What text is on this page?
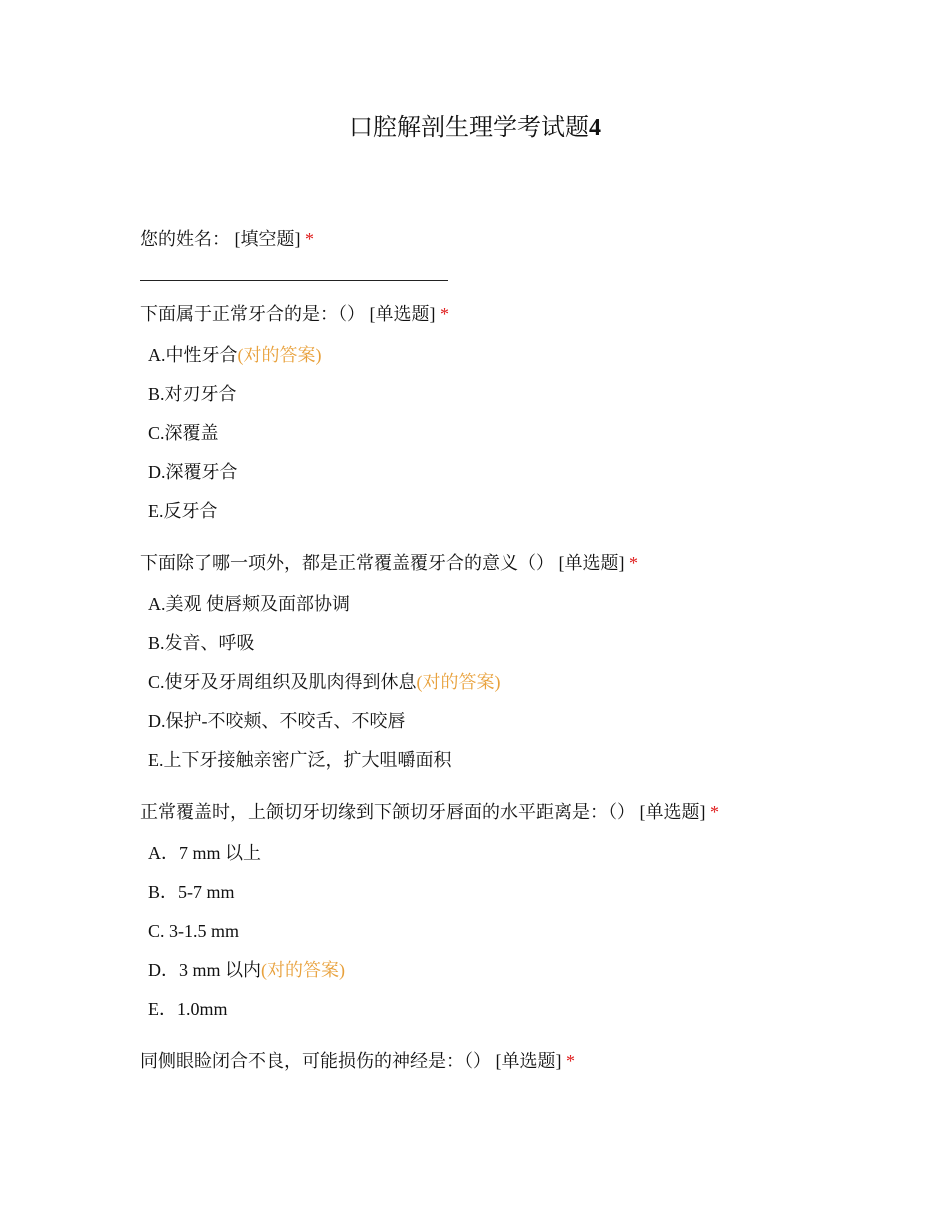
口腔解剖生理学考试题4
您的姓名： [填空题] *
下面属于正常牙合的是：（） [单选题] *
A.中性牙合(对的答案)
B.对刃牙合
C.深覆盖
D.深覆牙合
E.反牙合
下面除了哪一项外，都是正常覆盖覆牙合的意义（） [单选题] *
A.美观 使唇颊及面部协调
B.发音、呼吸
C.使牙及牙周组织及肌肉得到休息(对的答案)
D.保护-不咬颊、不咬舌、不咬唇
E.上下牙接触亲密广泛，扩大咀嚼面积
正常覆盖时，上颌切牙切缘到下颌切牙唇面的水平距离是：（） [单选题] *
A．7 mm 以上
B．5-7 mm
C. 3-1.5 mm
D．3 mm 以内(对的答案)
E．1.0mm
同侧眼睑闭合不良，可能损伤的神经是：（） [单选题] *
